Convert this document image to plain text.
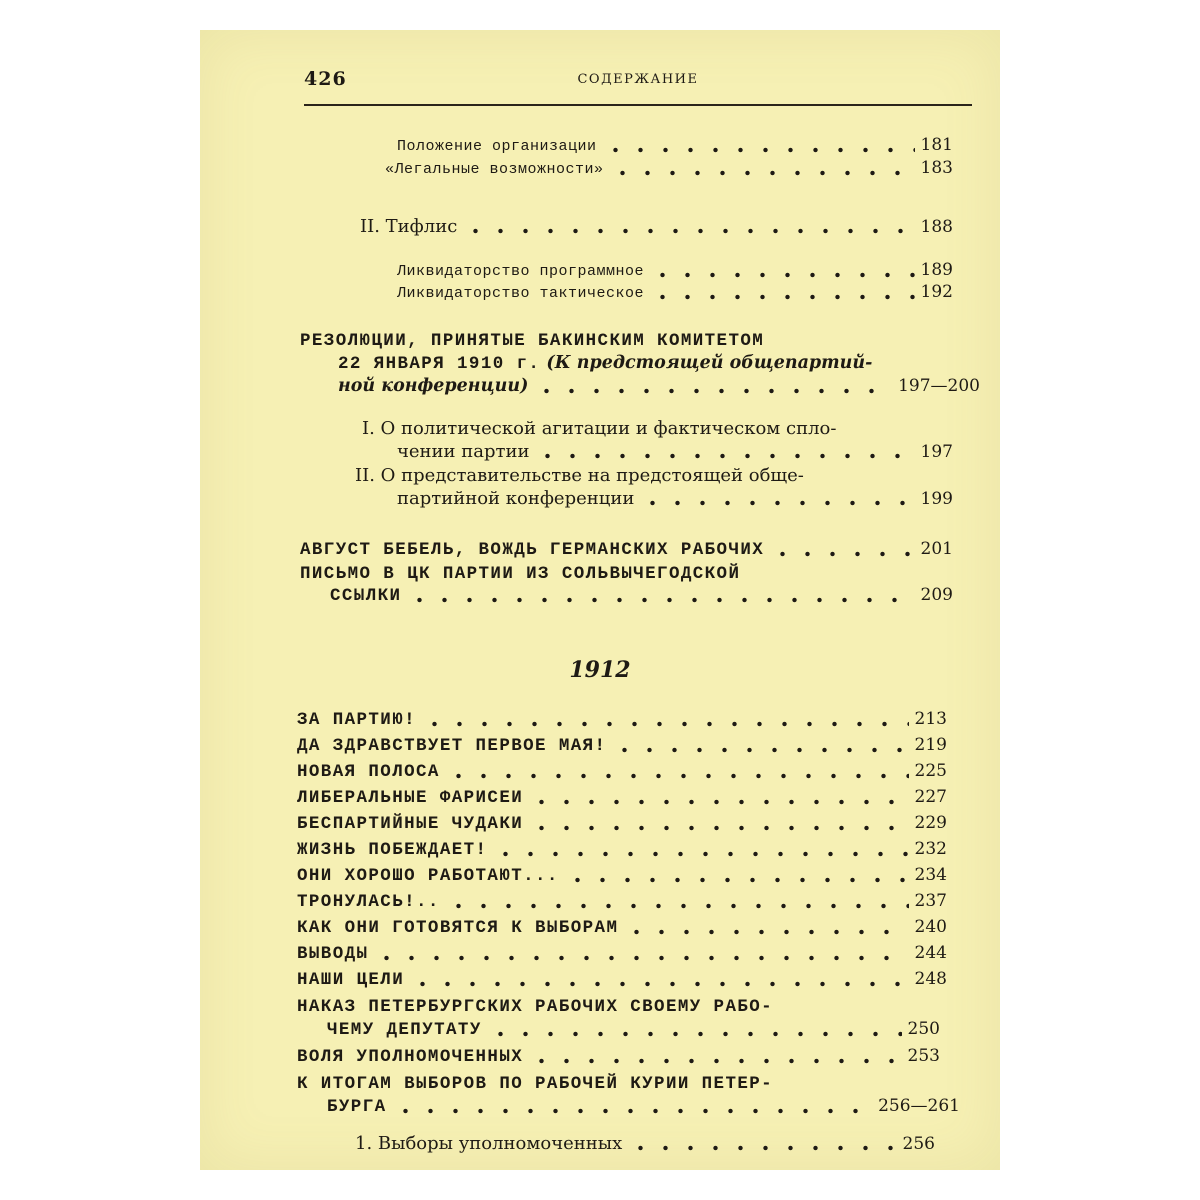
426	СОДЕРЖАНИЕ
Положение организации	181
«Легальные возможности»	183
II. Тифлис	188
Ликвидаторство программное	189
Ликвидаторство тактическое	192
РЕЗОЛЮЦИИ, ПРИНЯТЫЕ БАКИНСКИМ КОМИТЕТОМ
22 ЯНВАРЯ 1910 г. (К предстоящей общепартий-
ной конференции)	197—200
I. О политической агитации и фактическом спло-
чении партии	197
II. О представительстве на предстоящей обще-
партийной конференции	199
АВГУСТ БЕБЕЛЬ, ВОЖДЬ ГЕРМАНСКИХ РАБОЧИХ	201
ПИСЬМО В ЦК ПАРТИИ ИЗ СОЛЬВЫЧЕГОДСКОЙ
ССЫЛКИ	209
1912
ЗА ПАРТИЮ!	213
ДА ЗДРАВСТВУЕТ ПЕРВОЕ МАЯ!	219
НОВАЯ ПОЛОСА	225
ЛИБЕРАЛЬНЫЕ ФАРИСЕИ	227
БЕСПАРТИЙНЫЕ ЧУДАКИ	229
ЖИЗНЬ ПОБЕЖДАЕТ!	232
ОНИ ХОРОШО РАБОТАЮТ...	234
ТРОНУЛАСЬ!..	237
КАК ОНИ ГОТОВЯТСЯ К ВЫБОРАМ	240
ВЫВОДЫ	244
НАШИ ЦЕЛИ	248
НАКАЗ ПЕТЕРБУРГСКИХ РАБОЧИХ СВОЕМУ РАБО-
ЧЕМУ ДЕПУТАТУ	250
ВОЛЯ УПОЛНОМОЧЕННЫХ	253
К ИТОГАМ ВЫБОРОВ ПО РАБОЧЕЙ КУРИИ ПЕТЕР-
БУРГА	256—261
1. Выборы уполномоченных	256
